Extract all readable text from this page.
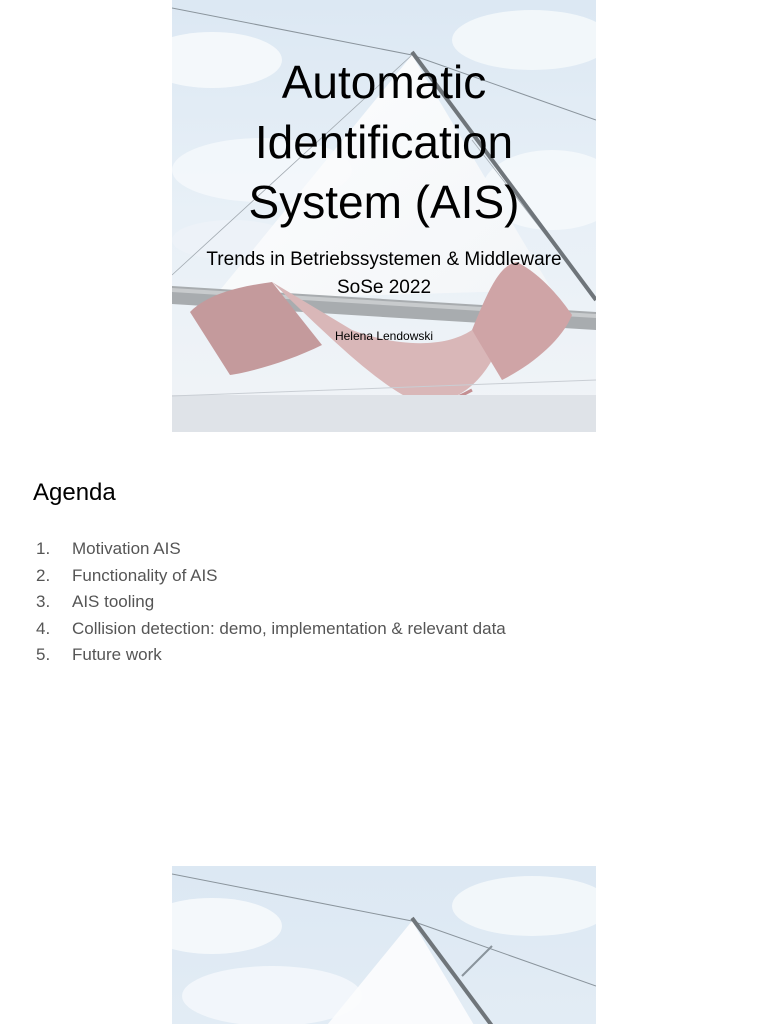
Automatic
Identification
System (AIS)
Trends in Betriebssystemen & Middleware
SoSe 2022
Helena Lendowski
Agenda
1. Motivation AIS
2. Functionality of AIS
3. AIS tooling
4. Collision detection: demo, implementation & relevant data
5. Future work
